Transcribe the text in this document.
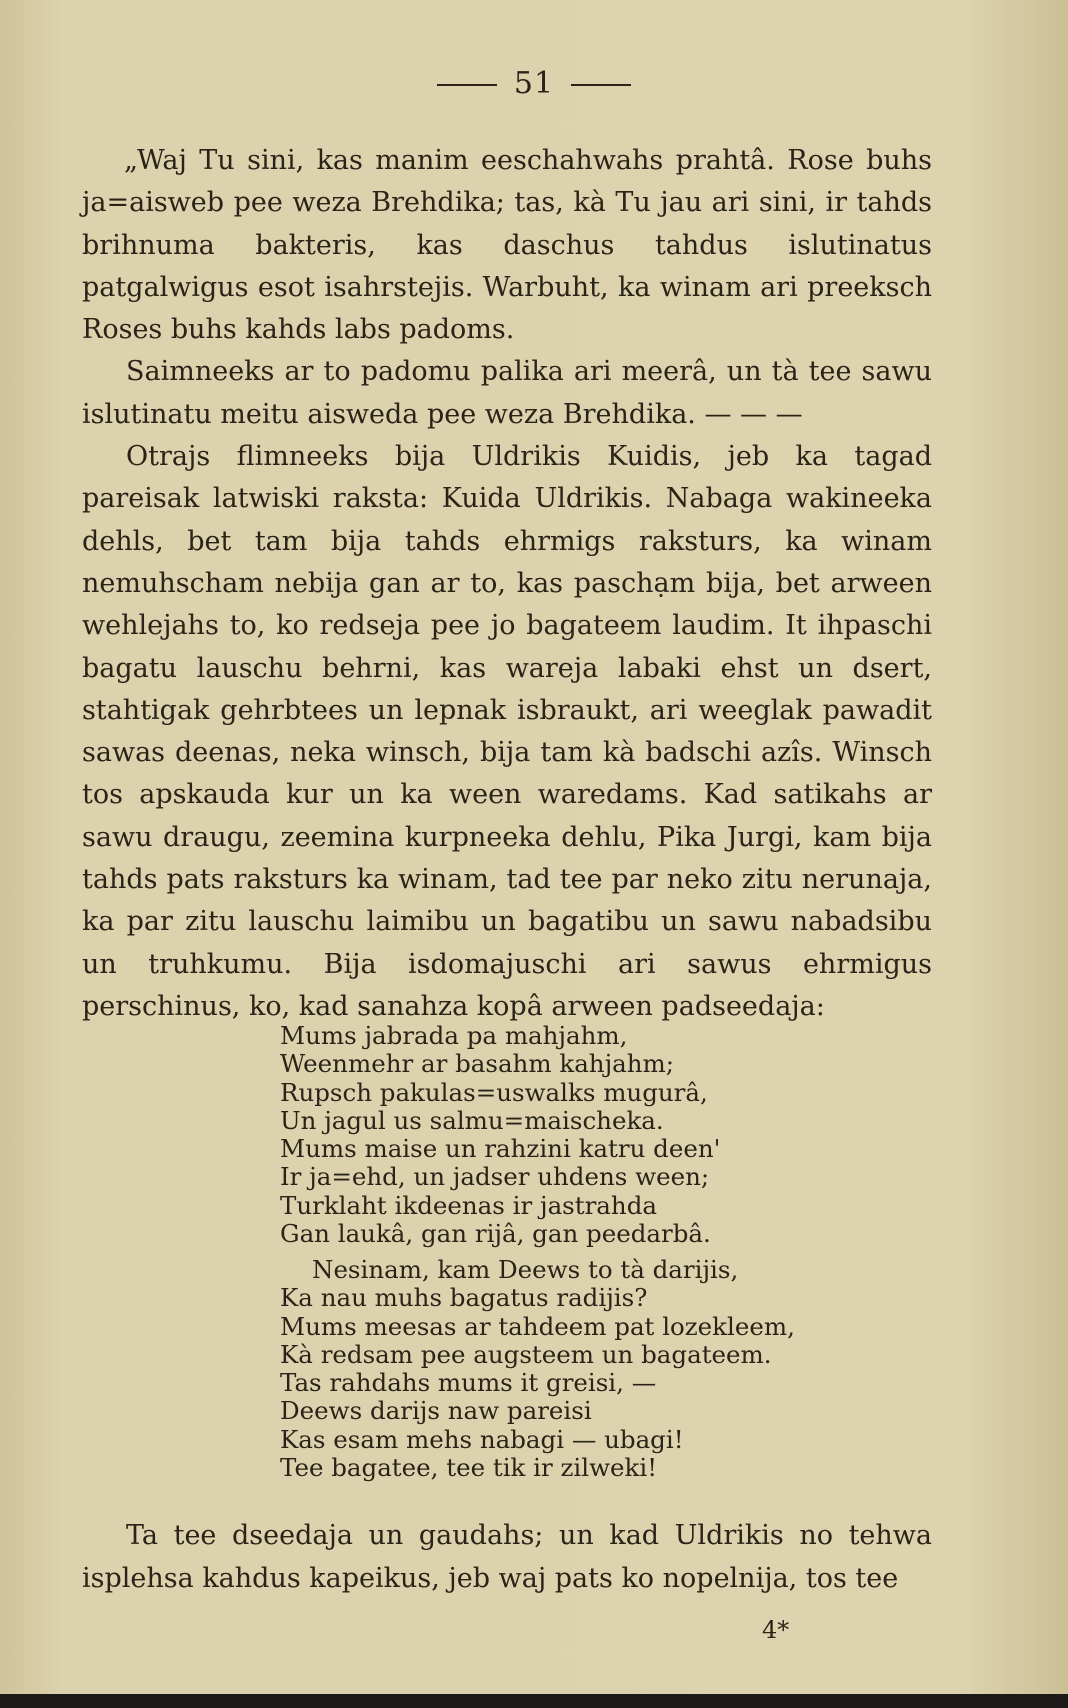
51

„Waj Tu sini, kas manim eeschahwahs prahtâ. Rose buhs ja=aisweb pee weza Brehdika; tas, kà Tu jau ari sini, ir tahds brihnuma bakteris, kas daschus tahdus islutinatus patgalwigus esot isahrstejis. Warbuht, ka winam ari preeksch Roses buhs kahds labs padoms.

Saimneeks ar to padomu palika ari meerâ, un tà tee sawu islutinatu meitu aisweda pee weza Brehdika. — — —

Otrajs flimneeks bija Uldrikis Kuidis, jeb ka tagad pareisak latwiski raksta: Kuida Uldrikis. Nabaga wakineeka dehls, bet tam bija tahds ehrmigs raksturs, ka winam nemuhscham nebija gan ar to, kas paschạm bija, bet arween wehlejahs to, ko redseja pee jo bagateem laudim. It ihpaschi bagatu lauschu behrni, kas wareja labaki ehst un dsert, stahtigak gehrbtees un lepnak isbraukt, ari weeglak pawadit sawas deenas, neka winsch, bija tam kà badschi azîs. Winsch tos apskauda kur un ka ween waredams. Kad satikahs ar sawu draugu, zeemina kurpneeka dehlu, Pika Jurgi, kam bija tahds pats raksturs ka winam, tad tee par neko zitu nerunaja, ka par zitu lauschu laimibu un bagatibu un sawu nabadsibu un truhkumu. Bija isdomajuschi ari sawus ehrmigus perschinus, ko, kad sanahza kopâ arween padseedaja:

Mums jabrada pa mahjahm,
Weenmehr ar basahm kahjahm;
Rupsch pakulas=uswalks mugurâ,
Un jagul us salmu=maischeka.
Mums maise un rahzini katru deen'
Ir ja=ehd, un jadser uhdens ween;
Turklaht ikdeenas ir jastrahda
Gan laukâ, gan rijâ, gan peedarbâ.
Nesinam, kam Deews to tà darijis,
Ka nau muhs bagatus radijis?
Mums meesas ar tahdeem pat lozekleem,
Kà redsam pee augsteem un bagateem.
Tas rahdahs mums it greisi, —
Deews darijs naw pareisi
Kas esam mehs nabagi — ubagi!
Tee bagatee, tee tik ir zilweki!

Ta tee dseedaja un gaudahs; un kad Uldrikis no tehwa isplehsa kahdus kapeikus, jeb waj pats ko nopelnija, tos tee

4*
